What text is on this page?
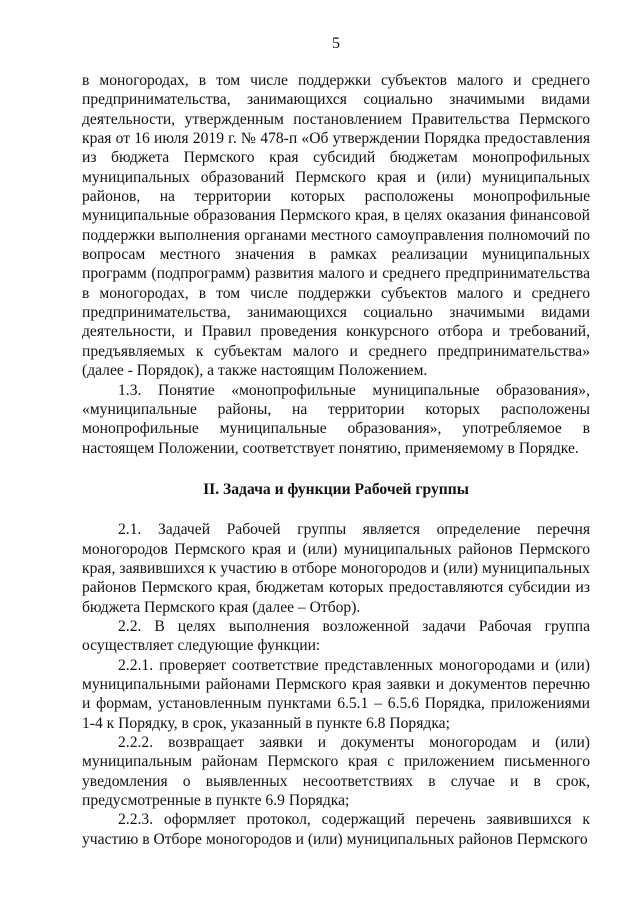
5

в моногородах, в том числе поддержки субъектов малого и среднего предпринимательства, занимающихся социально значимыми видами деятельности, утвержденным постановлением Правительства Пермского края от 16 июля 2019 г. № 478-п «Об утверждении Порядка предоставления из бюджета Пермского края субсидий бюджетам монопрофильных муниципальных образований Пермского края и (или) муниципальных районов, на территории которых расположены монопрофильные муниципальные образования Пермского края, в целях оказания финансовой поддержки выполнения органами местного самоуправления полномочий по вопросам местного значения в рамках реализации муниципальных программ (подпрограмм) развития малого и среднего предпринимательства в моногородах, в том числе поддержки субъектов малого и среднего предпринимательства, занимающихся социально значимыми видами деятельности, и Правил проведения конкурсного отбора и требований, предъявляемых к субъектам малого и среднего предпринимательства» (далее - Порядок), а также настоящим Положением.

1.3. Понятие «монопрофильные муниципальные образования», «муниципальные районы, на территории которых расположены монопрофильные муниципальные образования», употребляемое в настоящем Положении, соответствует понятию, применяемому в Порядке.

II. Задача и функции Рабочей группы

2.1. Задачей Рабочей группы является определение перечня моногородов Пермского края и (или) муниципальных районов Пермского края, заявившихся к участию в отборе моногородов и (или) муниципальных районов Пермского края, бюджетам которых предоставляются субсидии из бюджета Пермского края (далее – Отбор).

2.2. В целях выполнения возложенной задачи Рабочая группа осуществляет следующие функции:

2.2.1. проверяет соответствие представленных моногородами и (или) муниципальными районами Пермского края заявки и документов перечню и формам, установленным пунктами 6.5.1 – 6.5.6 Порядка, приложениями 1-4 к Порядку, в срок, указанный в пункте 6.8 Порядка;

2.2.2. возвращает заявки и документы моногородам и (или) муниципальным районам Пермского края с приложением письменного уведомления о выявленных несоответствиях в случае и в срок, предусмотренные в пункте 6.9 Порядка;

2.2.3. оформляет протокол, содержащий перечень заявившихся к участию в Отборе моногородов и (или) муниципальных районов Пермского
